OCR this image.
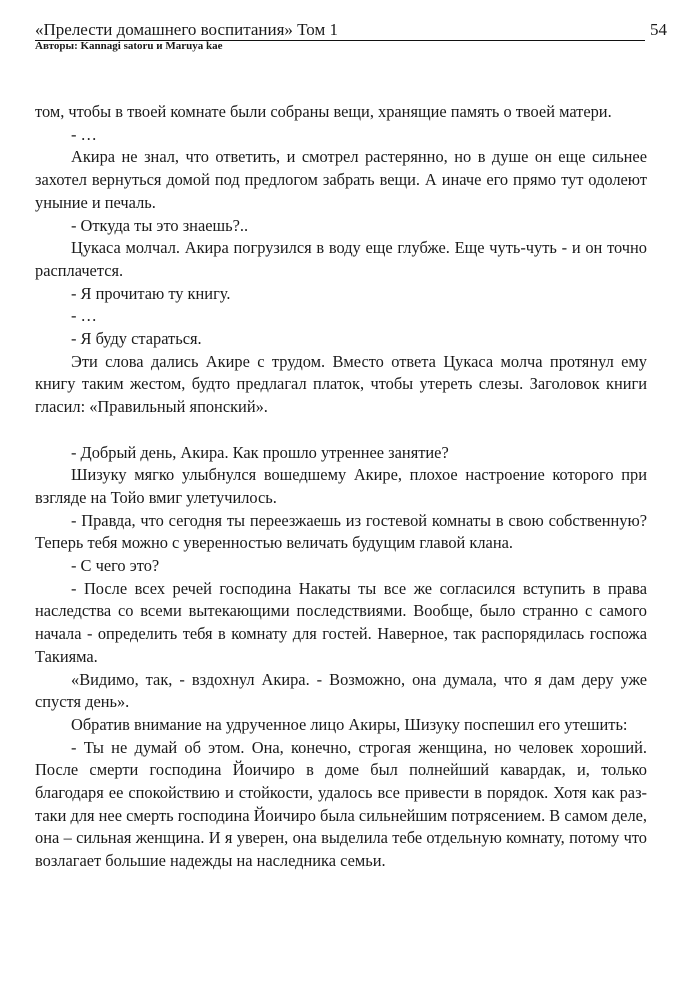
«Прелести домашнего воспитания» Том 1
Авторы: Kannagi satoru и Maruya kae
54

том, чтобы в твоей комнате были собраны вещи, хранящие память о твоей матери.

- …

Акира не знал, что ответить, и смотрел растерянно, но в душе он еще сильнее захотел вернуться домой под предлогом забрать вещи. А иначе его прямо тут одолеют уныние и печаль.

- Откуда ты это знаешь?..

Цукаса молчал. Акира погрузился в воду еще глубже. Еще чуть-чуть - и он точно расплачется.

- Я прочитаю ту книгу.

- …

- Я буду стараться.

Эти слова дались Акире с трудом. Вместо ответа Цукаса молча протянул ему книгу таким жестом, будто предлагал платок, чтобы утереть слезы. Заголовок книги гласил: «Правильный японский».

- Добрый день, Акира. Как прошло утреннее занятие?

Шизуку мягко улыбнулся вошедшему Акире, плохое настроение которого при взгляде на Тойо вмиг улетучилось.

- Правда, что сегодня ты переезжаешь из гостевой комнаты в свою собственную? Теперь тебя можно с уверенностью величать будущим главой клана.

- С чего это?

- После всех речей господина Накаты ты все же согласился вступить в права наследства со всеми вытекающими последствиями. Вообще, было странно с самого начала - определить тебя в комнату для гостей. Наверное, так распорядилась госпожа Такияма.

«Видимо, так, - вздохнул Акира. - Возможно, она думала, что я дам деру уже спустя день».

Обратив внимание на удрученное лицо Акиры, Шизуку поспешил его утешить:

- Ты не думай об этом. Она, конечно, строгая женщина, но человек хороший. После смерти господина Йоичиро в доме был полнейший кавардак, и, только благодаря ее спокойствию и стойкости, удалось все привести в порядок. Хотя как раз-таки для нее смерть господина Йоичиро была сильнейшим потрясением. В самом деле, она – сильная женщина. И я уверен, она выделила тебе отдельную комнату, потому что возлагает большие надежды на наследника семьи.
